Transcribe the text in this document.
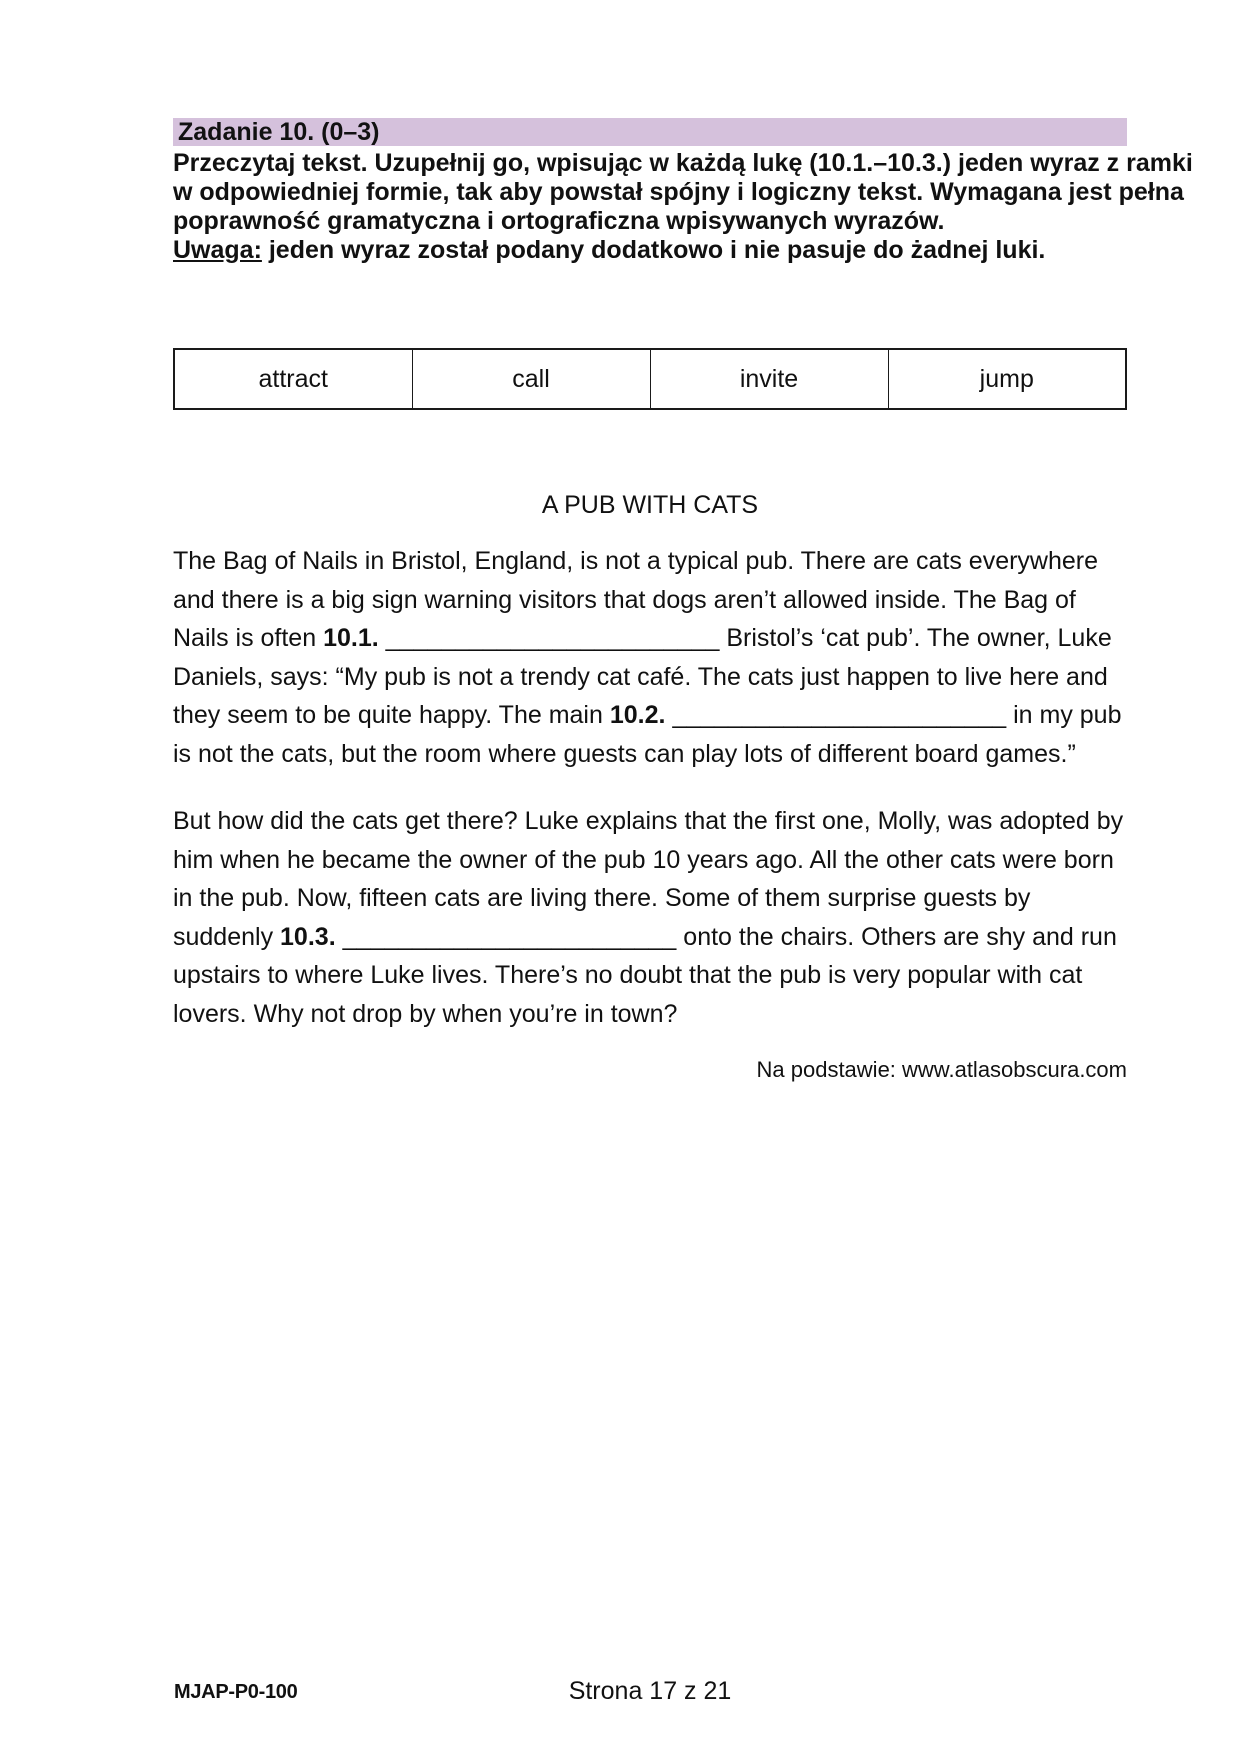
Zadanie 10. (0–3)
Przeczytaj tekst. Uzupełnij go, wpisując w każdą lukę (10.1.–10.3.) jeden wyraz z ramki
w odpowiedniej formie, tak aby powstał spójny i logiczny tekst. Wymagana jest pełna
poprawność gramatyczna i ortograficzna wpisywanych wyrazów.
Uwaga: jeden wyraz został podany dodatkowo i nie pasuje do żadnej luki.
attract	call	invite	jump
A PUB WITH CATS

The Bag of Nails in Bristol, England, is not a typical pub. There are cats everywhere and there is a big sign warning visitors that dogs aren’t allowed inside. The Bag of Nails is often 10.1. ________________________ Bristol’s ‘cat pub’. The owner, Luke Daniels, says: “My pub is not a trendy cat café. The cats just happen to live here and they seem to be quite happy. The main 10.2. ________________________ in my pub is not the cats, but the room where guests can play lots of different board games.”

But how did the cats get there? Luke explains that the first one, Molly, was adopted by him when he became the owner of the pub 10 years ago. All the other cats were born in the pub. Now, fifteen cats are living there. Some of them surprise guests by suddenly 10.3. ________________________ onto the chairs. Others are shy and run upstairs to where Luke lives. There’s no doubt that the pub is very popular with cat lovers. Why not drop by when you’re in town?

Na podstawie: www.atlasobscura.com
MJAP-P0-100	Strona 17 z 21
